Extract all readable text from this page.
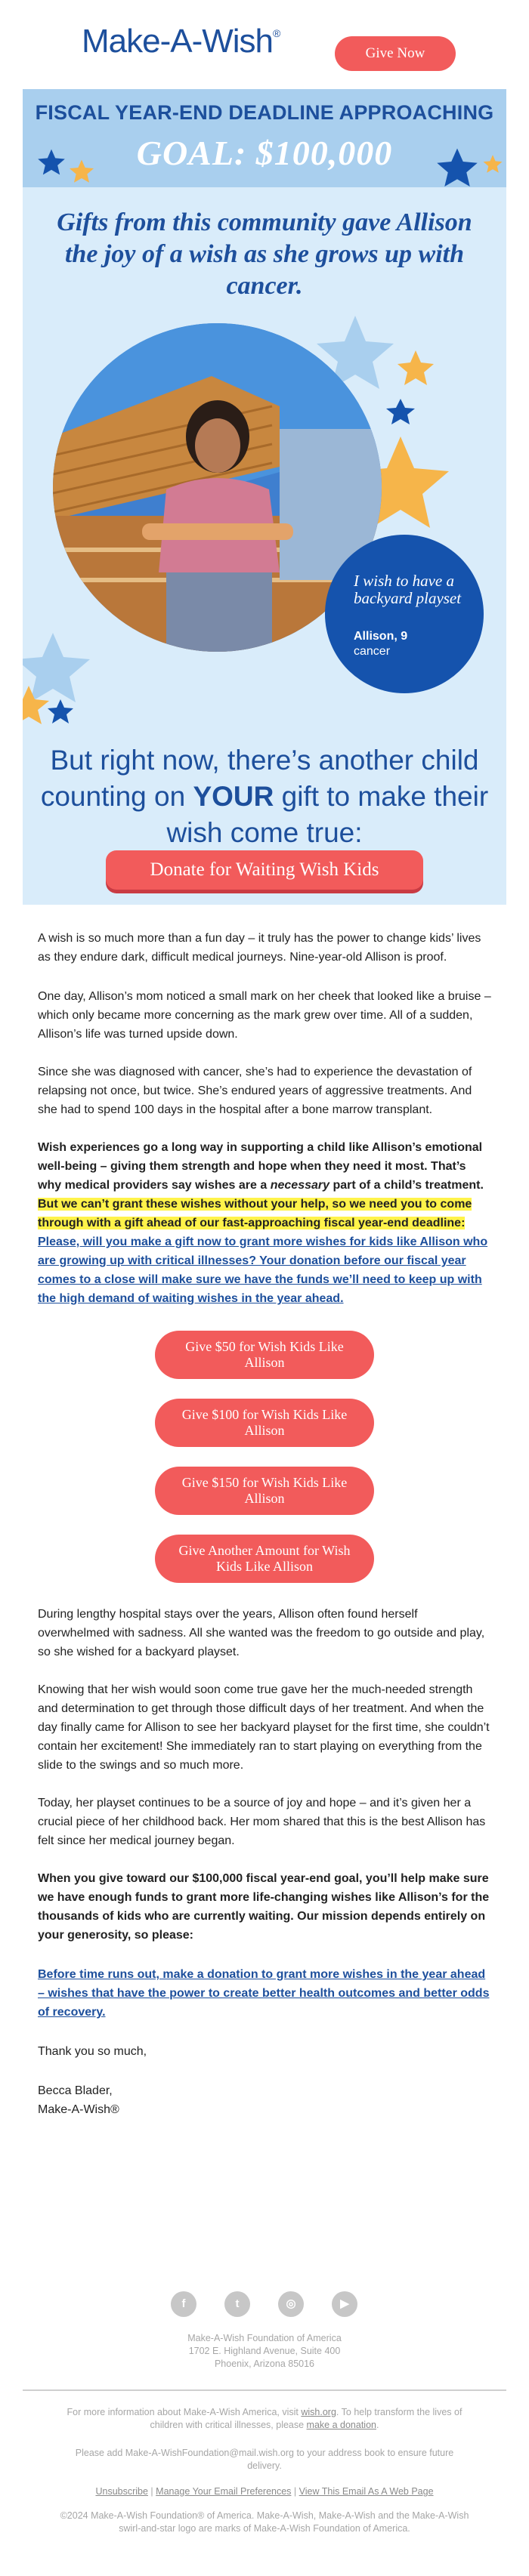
Make-A-Wish®
Give Now
FISCAL YEAR-END DEADLINE APPROACHING
GOAL: $100,000
Gifts from this community gave Allison the joy of a wish as she grows up with cancer.
I wish to have a backyard playset
Allison, 9
cancer
But right now, there’s another child counting on YOUR gift to make their wish come true:
Donate for Waiting Wish Kids

A wish is so much more than a fun day – it truly has the power to change kids’ lives as they endure dark, difficult medical journeys. Nine-year-old Allison is proof.

One day, Allison’s mom noticed a small mark on her cheek that looked like a bruise – which only became more concerning as the mark grew over time. All of a sudden, Allison’s life was turned upside down.

Since she was diagnosed with cancer, she’s had to experience the devastation of relapsing not once, but twice. She’s endured years of aggressive treatments. And she had to spend 100 days in the hospital after a bone marrow transplant.

Wish experiences go a long way in supporting a child like Allison’s emotional well-being – giving them strength and hope when they need it most. That’s why medical providers say wishes are a necessary part of a child’s treatment. But we can’t grant these wishes without your help, so we need you to come through with a gift ahead of our fast-approaching fiscal year-end deadline:

Please, will you make a gift now to grant more wishes for kids like Allison who are growing up with critical illnesses? Your donation before our fiscal year comes to a close will make sure we have the funds we’ll need to keep up with the high demand of waiting wishes in the year ahead.

Give $50 for Wish Kids Like Allison
Give $100 for Wish Kids Like Allison
Give $150 for Wish Kids Like Allison
Give Another Amount for Wish Kids Like Allison

During lengthy hospital stays over the years, Allison often found herself overwhelmed with sadness. All she wanted was the freedom to go outside and play, so she wished for a backyard playset.

Knowing that her wish would soon come true gave her the much-needed strength and determination to get through those difficult days of her treatment. And when the day finally came for Allison to see her backyard playset for the first time, she couldn’t contain her excitement! She immediately ran to start playing on everything from the slide to the swings and so much more.

Today, her playset continues to be a source of joy and hope – and it’s given her a crucial piece of her childhood back. Her mom shared that this is the best Allison has felt since her medical journey began.

When you give toward our $100,000 fiscal year-end goal, you’ll help make sure we have enough funds to grant more life-changing wishes like Allison’s for the thousands of kids who are currently waiting. Our mission depends entirely on your generosity, so please:

Before time runs out, make a donation to grant more wishes in the year ahead – wishes that have the power to create better health outcomes and better odds of recovery.

Thank you so much,

Becca Blader,

Make-A-Wish®

f	t	◎	▶
Make-A-Wish Foundation of America
1702 E. Highland Avenue, Suite 400
Phoenix, Arizona 85016
For more information about Make-A-Wish America, visit wish.org. To help transform the lives of children with critical illnesses, please make a donation.
Please add Make-A-WishFoundation@mail.wish.org to your address book to ensure future delivery.
Unsubscribe | Manage Your Email Preferences | View This Email As A Web Page
©2024 Make-A-Wish Foundation® of America. Make-A-Wish, Make-A-Wish and the Make-A-Wish swirl-and-star logo are marks of Make-A-Wish Foundation of America.
